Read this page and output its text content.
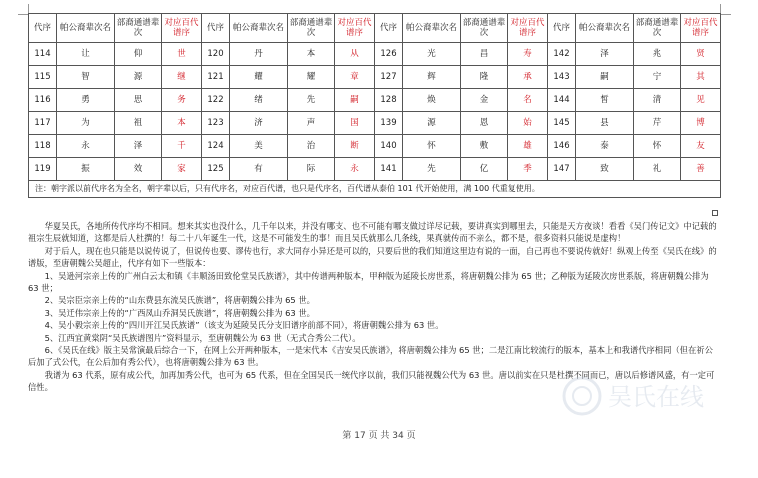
代序	帕公裔辈次名	部裔通谱辈次	对应百代谱序	代序	帕公裔辈次名	部裔通谱辈次	对应百代谱序	代序	帕公裔辈次名	部裔通谱辈次	对应百代谱序	代序	帕公裔辈次名	部裔通谱辈次	对应百代谱序
114	让	仰	世	120	丹	本	从	126	光	昌	寿	142	泽	兆	贤
115	智	源	继	121	耀	耀	章	127	辉	隆	承	143	嗣	宁	其
116	勇	思	务	122	绪	先	嗣	128	焕	金	名	144	皙	清	见
117	为	祖	本	123	济	声	国	139	源	恩	始	145	县	芹	博
118	永	泽	千	124	美	治	断	140	怀	敷	雄	146	泰	怀	友
119	振	效	家	125	有	际	永	141	先	亿	季	147	致	礼	善
注：朝字派以前代序名为全名，朝字辈以后，只有代序名，对应百代谱，也只是代序名，百代谱从泰伯 101 代开始使用，满 100 代重复使用。															

华夏吴氏，各地所传代序均不相同。想来其实也没什么，几千年以来，并没有哪支、也不可能有哪支做过详尽记载，要讲真实到哪里去，只能是天方夜谈！看看《吴门传记文》中记载的祖宗生辰就知道，这都是后人杜撰的！每二十八年诞生一代，这是不可能发生的事！而且吴氏就那么几条线，果真就传而不亲么，都不是，很多资料只能说是虚构！

对于后人，现在也只能是以说传说了，但说传也要、谬传也行，求大同存小异还是可以的，只要后世的我们知道这里边有说的一面，自己再也不要说传就好！纵观上传至《吴氏在线》的谱版，至唐朝魏公吴超止，代序有如下一些版本：

1、吴逊河宗亲上传的广州白云太和镇《丰顺汤田致伦堂吴氏族谱》，其中传谱两种版本，甲种版为延陵长房世系，将唐朝魏公排为 65 世；乙种版为延陵次房世系版，将唐朝魏公排为 63 世；

2、吴宗臣宗亲上传的“山东费县东流吴氏族谱”，将唐朝魏公排为 65 世。

3、吴迁伟宗亲上传的“广西凤山乔洞吴氏族谱”，将唐朝魏公排为 63 世。

4、吴小毅宗亲上传的“四川开江吴氏族谱”（该支为延陵吴氏分支旧谱序前部不同），将唐朝魏公排为 63 世。

5、江西宜黄棠阴“吴氏族谱图片”资料显示，至唐朝魏公为 63 世（无式合秀公二代）。

6、《吴氏在线》版主吴常演最后综合一下，在网上公开两种版本，一是宋代本《吉安吴氏族谱》，将唐朝魏公排为 65 世；二是江南比较流行的版本，基本上和我谱代序相同（但在祈公后加了式公代，在公后加有秀公代），也将唐朝魏公排为 63 世。

我谱为 63 代系，原有成公代，加再加秀公代，也可为 65 代系，但在全国吴氏一统代序以前，我们只能视魏公代为 63 世。唐以前实在只是杜撰不同而已，唐以后修谱风盛，有一定可信性。

第 17 页 共 34 页
吴氏在线
